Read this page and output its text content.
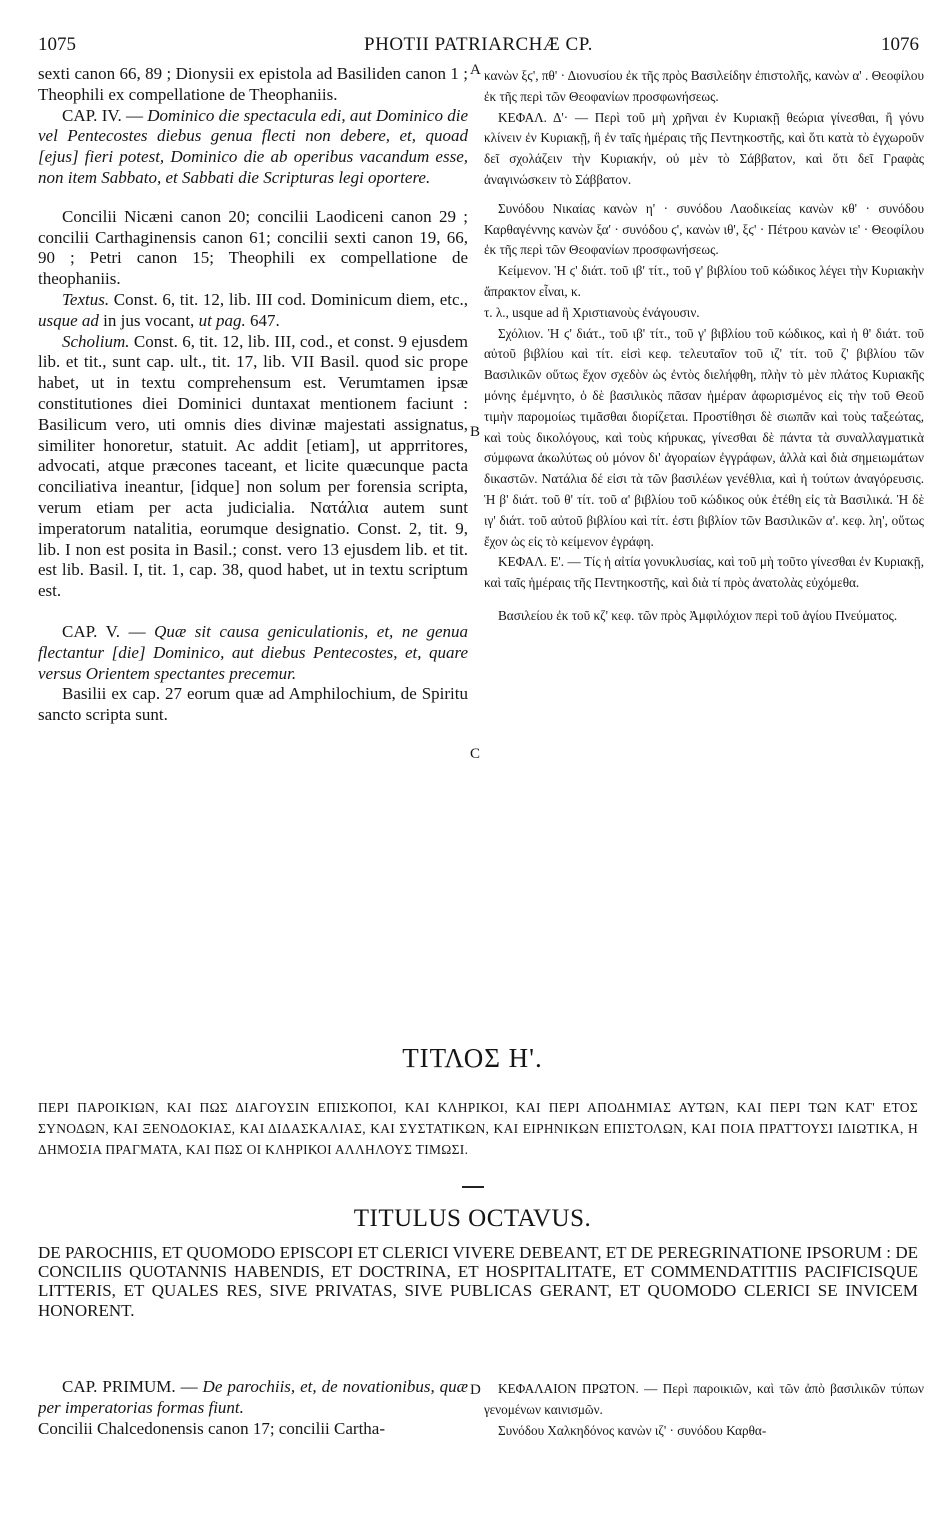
1075	PHOTII PATRIARCHÆ CP.	1076
A
B
C
D

sexti canon 66, 89 ; Dionysii ex epistola ad Basiliden canon 1 ; Theophili ex compellatione de Theophaniis.

CAP. IV. — Dominico die spectacula edi, aut Dominico die vel Pentecostes diebus genua flecti non debere, et, quoad [ejus] fieri potest, Dominico die ab operibus vacandum esse, non item Sabbato, et Sabbati die Scripturas legi oportere.

Concilii Nicæni canon 20; concilii Laodiceni canon 29 ; concilii Carthaginensis canon 61; concilii sexti canon 19, 66, 90 ; Petri canon 15; Theophili ex compellatione de theophaniis.

Textus. Const. 6, tit. 12, lib. III cod. Dominicum diem, etc., usque ad in jus vocant, ut pag. 647.

Scholium. Const. 6, tit. 12, lib. III, cod., et const. 9 ejusdem lib. et tit., sunt cap. ult., tit. 17, lib. VII Basil. quod sic prope habet, ut in textu comprehensum est. Verumtamen ipsæ constitutiones diei Dominici duntaxat mentionem faciunt : Basilicum vero, uti omnis dies divinæ majestati assignatus, similiter honoretur, statuit. Ac addit [etiam], ut apprritores, advocati, atque præcones taceant, et licite quæcunque pacta conciliativa ineantur, [idque] non solum per forensia scripta, verum etiam per acta judicialia. Νατάλια autem sunt imperatorum natalitia, eorumque designatio. Const. 2, tit. 9, lib. I non est posita in Basil.; const. vero 13 ejusdem lib. et tit. est lib. Basil. I, tit. 1, cap. 38, quod habet, ut in textu scriptum est.

CAP. V. — Quæ sit causa geniculationis, et, ne genua flectantur [die] Dominico, aut diebus Pentecostes, et, quare versus Orientem spectantes precemur.

Basilii ex cap. 27 eorum quæ ad Amphilochium, de Spiritu sancto scripta sunt.

κανὼν ξϛ', πθ' · Διονυσίου ἐκ τῆς πρὸς Βασιλείδην ἐπιστολῆς, κανὼν α' . Θεοφίλου ἐκ τῆς περὶ τῶν Θεοφανίων προσφωνήσεως.

ΚΕΦΑΛ. Δ'· — Περὶ τοῦ μὴ χρῆναι ἐν Κυριακῇ θεώρια γίνεσθαι, ἢ γόνυ κλίνειν ἐν Κυριακῇ, ἢ ἐν ταῖς ἡμέραις τῆς Πεντηκοστῆς, καὶ ὅτι κατὰ τὸ ἐγχωροῦν δεῖ σχολάζειν τὴν Κυριακήν, οὐ μὲν τὸ Σάββατον, καὶ ὅτι δεῖ Γραφὰς ἀναγινώσκειν τὸ Σάββατον.

Συνόδου Νικαίας κανὼν η' · συνόδου Λαοδικείας κανὼν κθ' · συνόδου Καρθαγέννης κανὼν ξα' · συνόδου ϛ', κανὼν ιθ', ξϛ' · Πέτρου κανὼν ιε' · Θεοφίλου ἐκ τῆς περὶ τῶν Θεοφανίων προσφωνήσεως.

Κείμενον. Ἡ ϛ' διάτ. τοῦ ιβ' τίτ., τοῦ γ' βιβλίου τοῦ κώδικος λέγει τὴν Κυριακὴν ἄπρακτον εἶναι, κ.

τ. λ., usque ad ἢ Χριστιανοὺς ἐνάγουσιν.

Σχόλιον. Ἡ ϛ' διάτ., τοῦ ιβ' τίτ., τοῦ γ' βιβλίου τοῦ κώδικος, καὶ ἡ θ' διάτ. τοῦ αὐτοῦ βιβλίου καὶ τίτ. εἰσὶ κεφ. τελευταῖον τοῦ ιζ' τίτ. τοῦ ζ' βιβλίου τῶν Βασιλικῶν οὕτως ἔχον σχεδὸν ὡς ἐντὸς διελήφθη, πλὴν τὸ μὲν πλάτος Κυριακῆς μόνης ἐμέμνητο, ὁ δὲ βασιλικὸς πᾶσαν ἡμέραν ἀφωρισμένος εἰς τὴν τοῦ Θεοῦ τιμὴν παρομοίως τιμᾶσθαι διορίζεται. Προστίθησι δὲ σιωπᾶν καὶ τοὺς ταξεώτας, καὶ τοὺς δικολόγους, καὶ τοὺς κήρυκας, γίνεσθαι δὲ πάντα τὰ συναλλαγματικὰ σύμφωνα ἀκωλύτως οὐ μόνον δι' ἀγοραίων ἐγγράφων, ἀλλὰ καὶ διὰ σημειωμάτων δικαστῶν. Νατάλια δέ εἰσι τὰ τῶν βασιλέων γενέθλια, καὶ ἡ τούτων ἀναγόρευσις. Ἡ β' διάτ. τοῦ θ' τίτ. τοῦ α' βιβλίου τοῦ κώδικος οὐκ ἐτέθη εἰς τὰ Βασιλικά. Ἡ δὲ ιγ' διάτ. τοῦ αὐτοῦ βιβλίου καὶ τίτ. ἐστι βιβλίον τῶν Βασιλικῶν α'. κεφ. λη', οὕτως ἔχον ὡς εἰς τὸ κείμενον ἐγράφη.

ΚΕΦΑΛ. Ε'. — Τίς ἡ αἰτία γονυκλυσίας, καὶ τοῦ μὴ τοῦτο γίνεσθαι ἐν Κυριακῇ, καὶ ταῖς ἡμέραις τῆς Πεντηκοστῆς, καὶ διὰ τί πρὸς ἀνατολὰς εὐχόμεθα.

Βασιλείου ἐκ τοῦ κζ' κεφ. τῶν πρὸς Ἀμφιλόχιον περὶ τοῦ ἁγίου Πνεύματος.

ΤΙΤΛΟΣ Η'.
ΠΕΡΙ ΠΑΡΟΙΚΙΩΝ, ΚΑΙ ΠΩΣ ΔΙΑΓΟΥΣΙΝ ΕΠΙΣΚΟΠΟΙ, ΚΑΙ ΚΛΗΡΙΚΟΙ, ΚΑΙ ΠΕΡΙ ΑΠΟΔΗΜΙΑΣ ΑΥΤΩΝ, ΚΑΙ ΠΕΡΙ ΤΩΝ ΚΑΤ' ΕΤΟΣ ΣΥΝΟΔΩΝ, ΚΑΙ ΞΕΝΟΔΟΚΙΑΣ, ΚΑΙ ΔΙΔΑΣΚΑΛΙΑΣ, ΚΑΙ ΣΥΣΤΑΤΙΚΩΝ, ΚΑΙ ΕΙΡΗΝΙΚΩΝ ΕΠΙΣΤΟΛΩΝ, ΚΑΙ ΠΟΙΑ ΠΡΑΤΤΟΥΣΙ ΙΔΙΩΤΙΚΑ, Η ΔΗΜΟΣΙΑ ΠΡΑΓΜΑΤΑ, ΚΑΙ ΠΩΣ ΟΙ ΚΛΗΡΙΚΟΙ ΑΛΛΗΛΟΥΣ ΤΙΜΩΣΙ.
TITULUS OCTAVUS.
DE PAROCHIIS, ET QUOMODO EPISCOPI ET CLERICI VIVERE DEBEANT, ET DE PEREGRINATIONE IPSORUM : DE CONCILIIS QUOTANNIS HABENDIS, ET DOCTRINA, ET HOSPITALITATE, ET COMMENDATITIIS PACIFICISQUE LITTERIS, ET QUALES RES, SIVE PRIVATAS, SIVE PUBLICAS GERANT, ET QUOMODO CLERICI SE INVICEM HONORENT.

CAP. PRIMUM. — De parochiis, et, de novationibus, quæ per imperatorias formas fiunt.

Concilii Chalcedonensis canon 17; concilii Cartha-

ΚΕΦΑΛΑΙΟΝ ΠΡΩΤΟΝ. — Περὶ παροικιῶν, καὶ τῶν ἀπὸ βασιλικῶν τύπων γενομένων καινισμῶν.

Συνόδου Χαλκηδόνος κανὼν ιζ' · συνόδου Καρθα-
